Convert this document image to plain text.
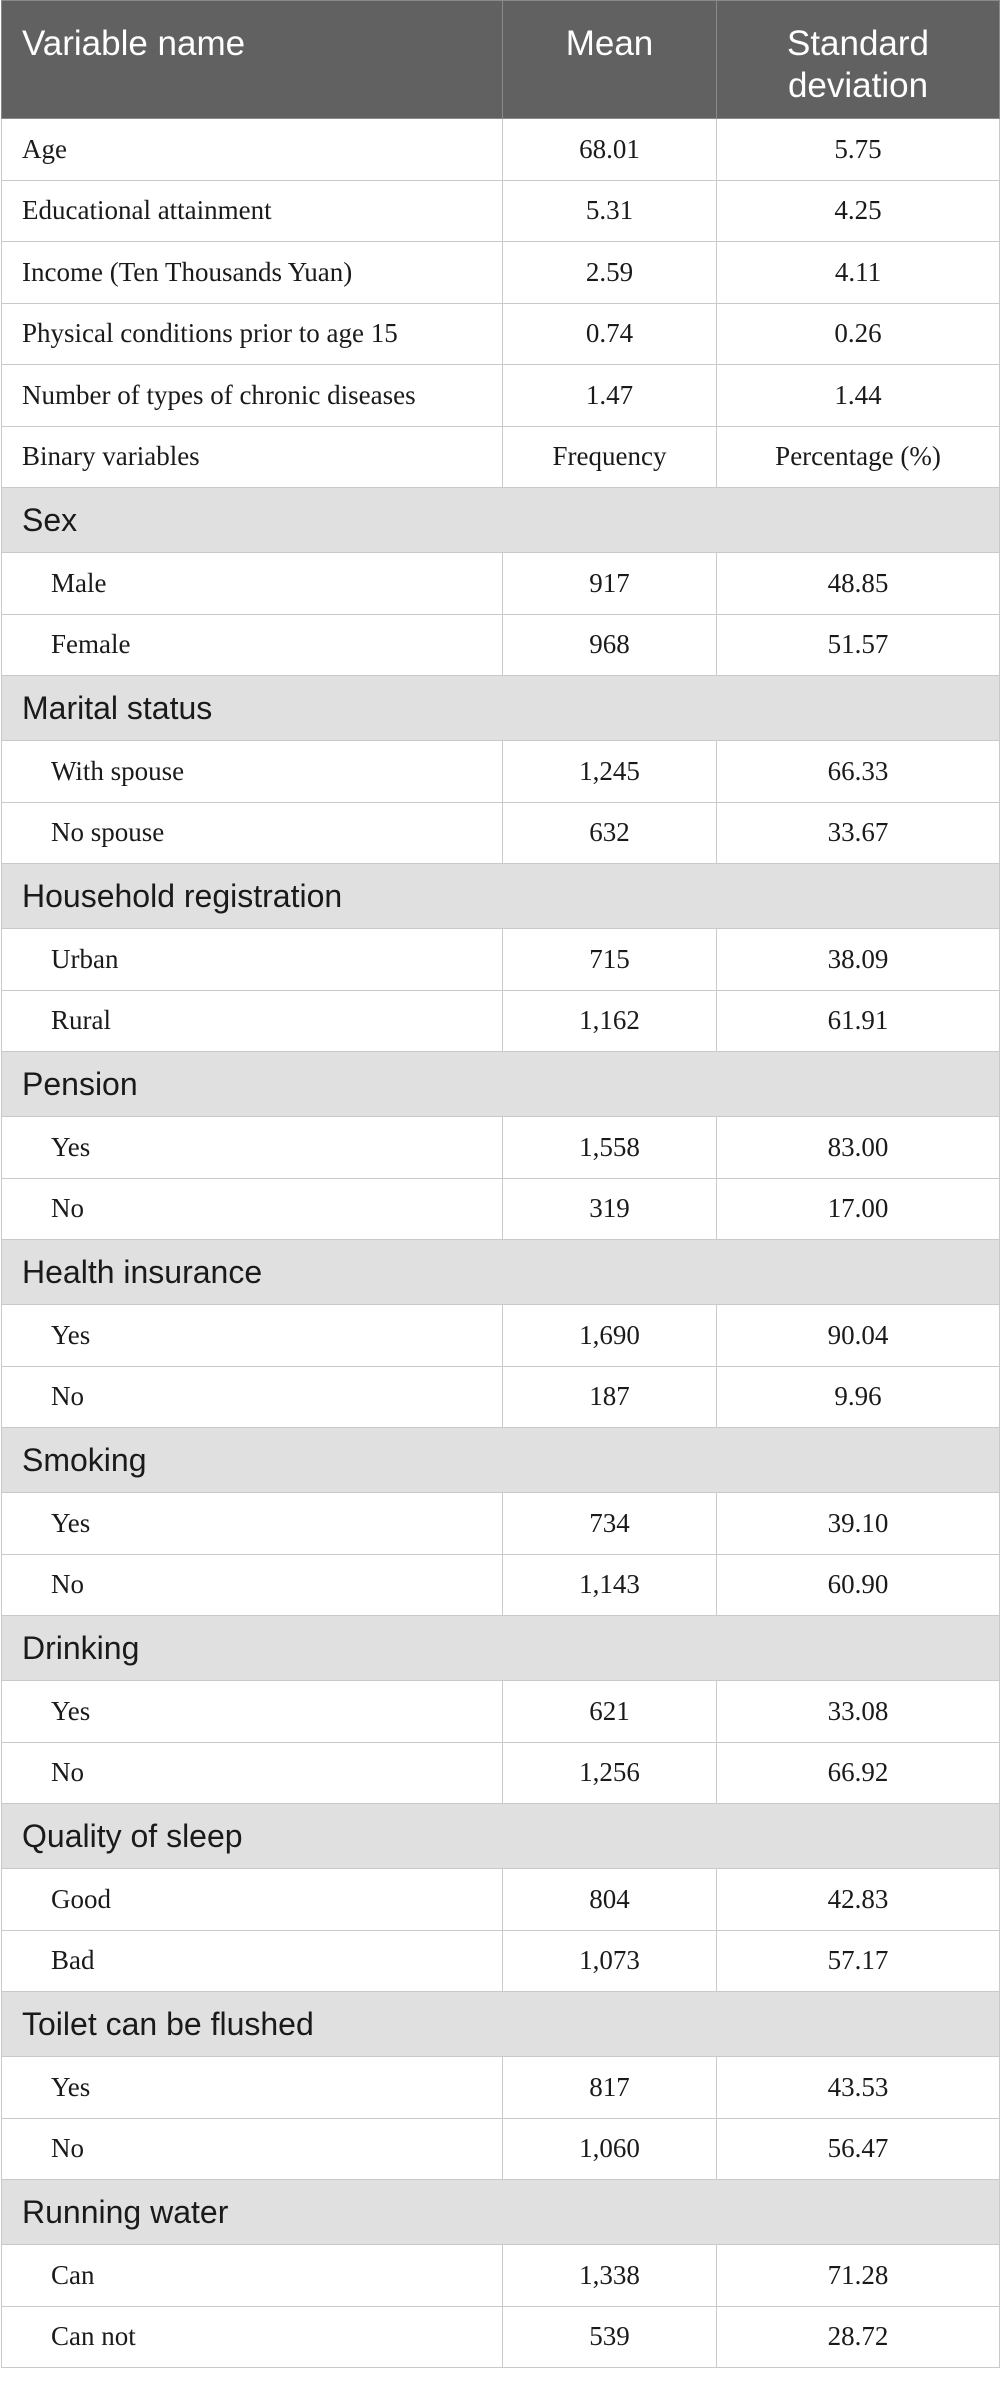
Variable name	Mean	Standard
deviation
Age	68.01	5.75
Educational attainment	5.31	4.25
Income (Ten Thousands Yuan)	2.59	4.11
Physical conditions prior to age 15	0.74	0.26
Number of types of chronic diseases	1.47	1.44
Binary variables	Frequency	Percentage (%)
Sex		
Male	917	48.85
Female	968	51.57
Marital status		
With spouse	1,245	66.33
No spouse	632	33.67
Household registration		
Urban	715	38.09
Rural	1,162	61.91
Pension		
Yes	1,558	83.00
No	319	17.00
Health insurance		
Yes	1,690	90.04
No	187	9.96
Smoking		
Yes	734	39.10
No	1,143	60.90
Drinking		
Yes	621	33.08
No	1,256	66.92
Quality of sleep		
Good	804	42.83
Bad	1,073	57.17
Toilet can be flushed		
Yes	817	43.53
No	1,060	56.47
Running water		
Can	1,338	71.28
Can not	539	28.72
